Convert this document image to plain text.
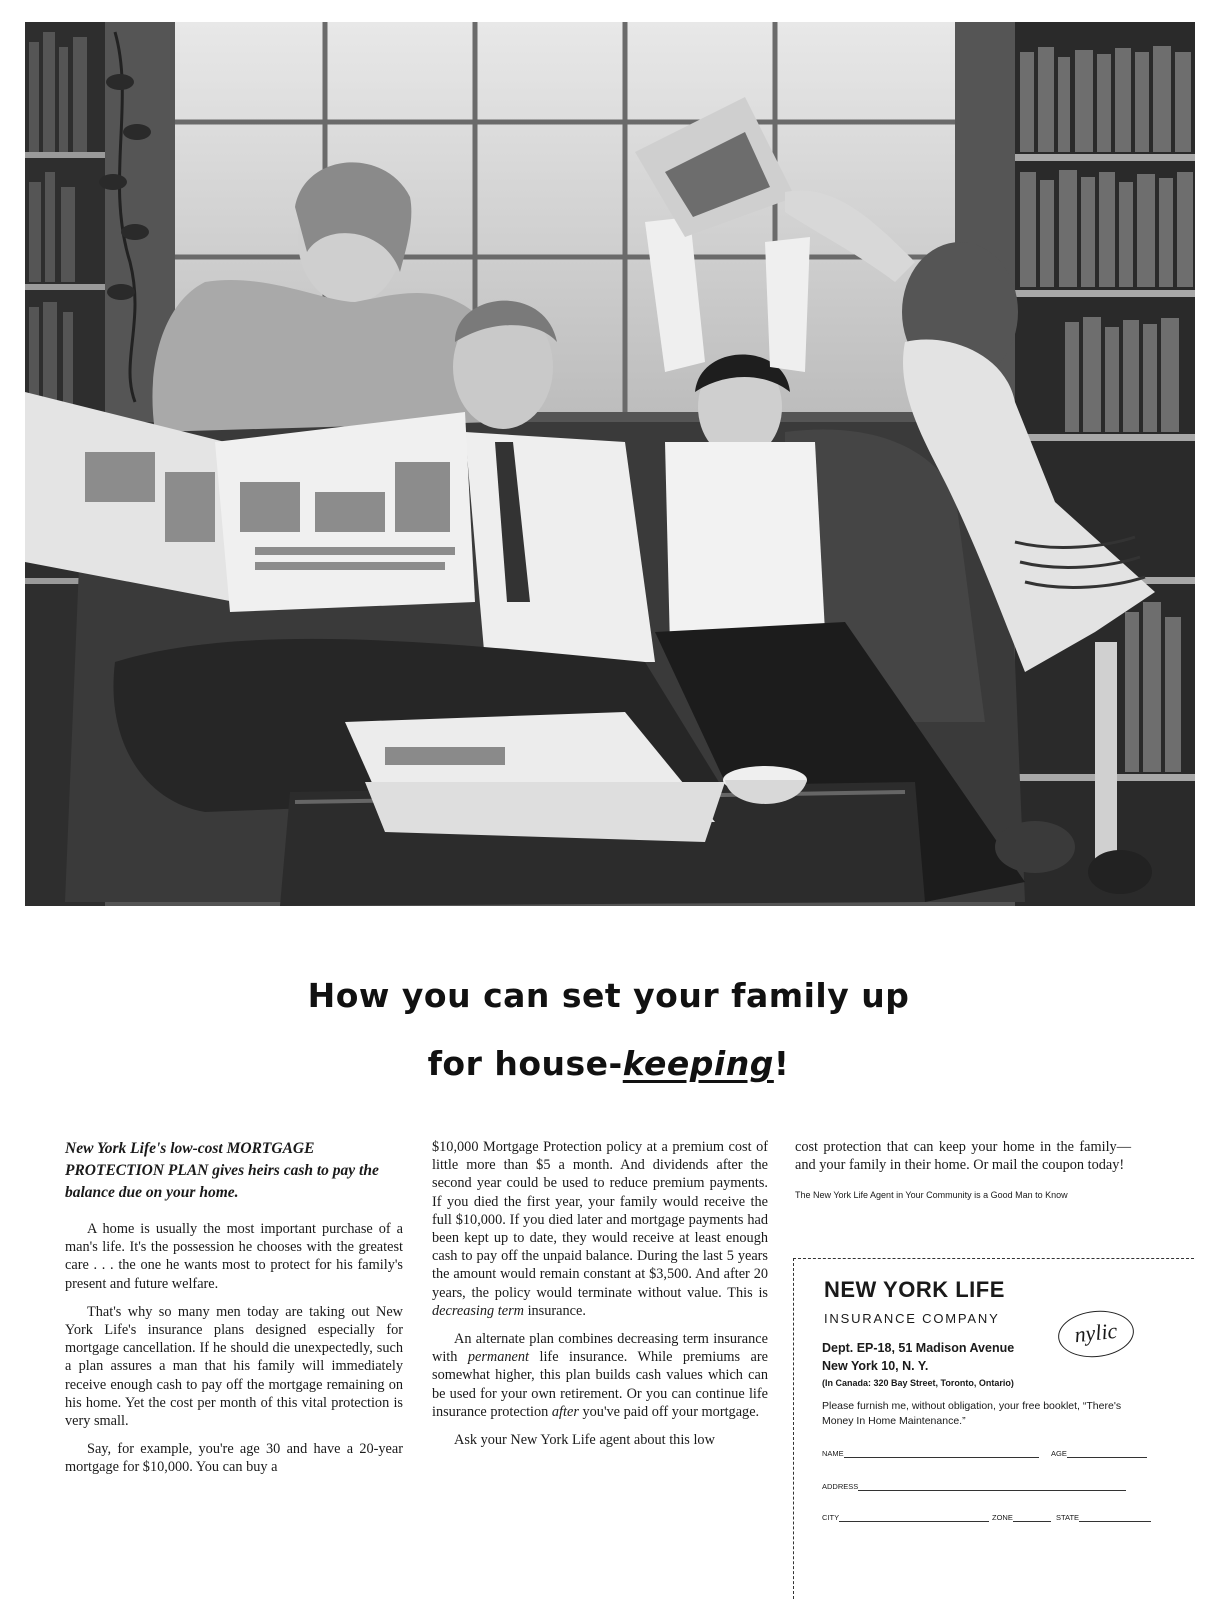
How you can set your family up
for house-keeping!
New York Life's low-cost MORTGAGE PROTECTION PLAN gives heirs cash to pay the balance due on your home.

A home is usually the most important purchase of a man's life. It's the possession he chooses with the greatest care . . . the one he wants most to protect for his family's present and future welfare.

That's why so many men today are taking out New York Life's insurance plans designed especially for mortgage cancellation. If he should die unexpectedly, such a plan assures a man that his family will immediately receive enough cash to pay off the mortgage remaining on his home. Yet the cost per month of this vital protection is very small.

Say, for example, you're age 30 and have a 20-year mortgage for $10,000. You can buy a

$10,000 Mortgage Protection policy at a premium cost of little more than $5 a month. And dividends after the second year could be used to reduce premium payments. If you died the first year, your family would receive the full $10,000. If you died later and mortgage payments had been kept up to date, they would receive at least enough cash to pay off the unpaid balance. During the last 5 years the amount would remain constant at $3,500. And after 20 years, the policy would terminate without value. This is decreasing term insurance.

An alternate plan combines decreasing term insurance with permanent life insurance. While premiums are somewhat higher, this plan builds cash values which can be used for your own retirement. Or you can continue life insurance protection after you've paid off your mortgage.

Ask your New York Life agent about this low

cost protection that can keep your home in the family—and your family in their home. Or mail the coupon today!

The New York Life Agent in Your Community is a Good Man to Know
NEW YORK LIFE
INSURANCE COMPANY	nylic
Dept. EP-18, 51 Madison Avenue
New York 10, N. Y.
(In Canada: 320 Bay Street, Toronto, Ontario)
Please furnish me, without obligation, your free booklet, “There's Money In Home Maintenance.”
NAME	AGE
ADDRESS
CITY	ZONE	STATE
